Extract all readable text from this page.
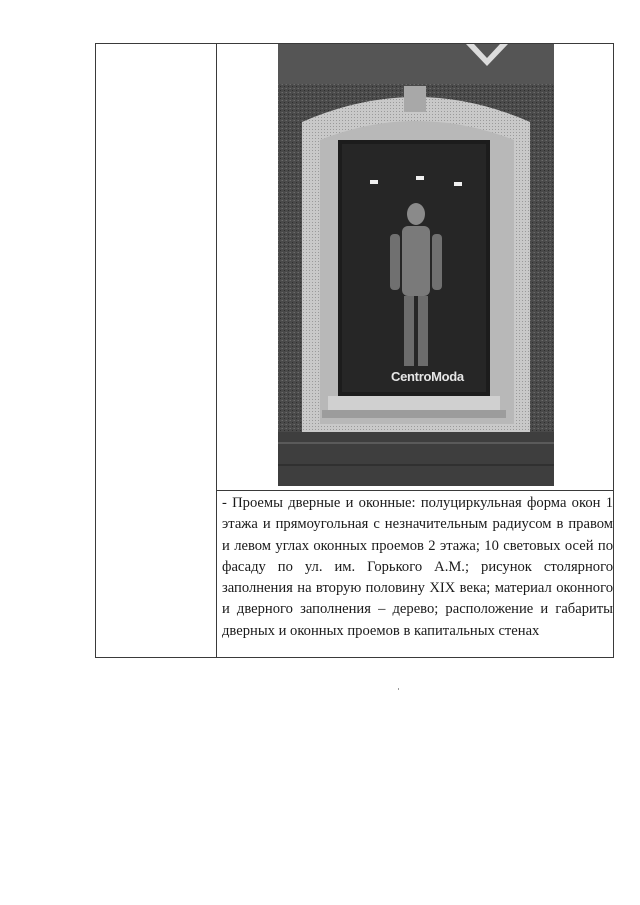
CentroModa

- Проемы дверные и оконные: полуциркульная форма окон 1 этажа и прямоугольная с незначительным радиусом в правом и левом углах оконных проемов 2 этажа; 10 световых осей по фасаду по ул. им. Горького А.М.; рисунок столярного заполнения на вторую половину XIX века; материал оконного и дверного заполнения – дерево; расположение и габариты дверных и оконных проемов в капитальных стенах
